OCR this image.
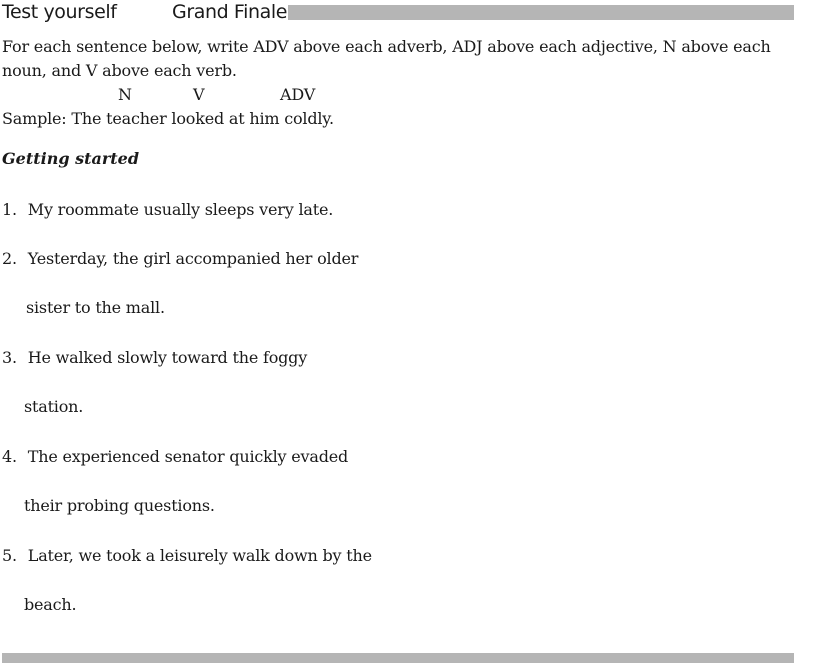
Test yourself	Grand Finale

For each sentence below, write ADV above each adverb, ADJ above each adjective, N above each noun, and V above each verb.

N	V	ADV
Sample: The teacher looked at him coldly.
Getting started
1. My roommate usually sleeps very late.
2. Yesterday, the girl accompanied her older
sister to the mall.
3. He walked slowly toward the foggy
station.
4. The experienced senator quickly evaded
their probing questions.
5. Later, we took a leisurely walk down by the
beach.
